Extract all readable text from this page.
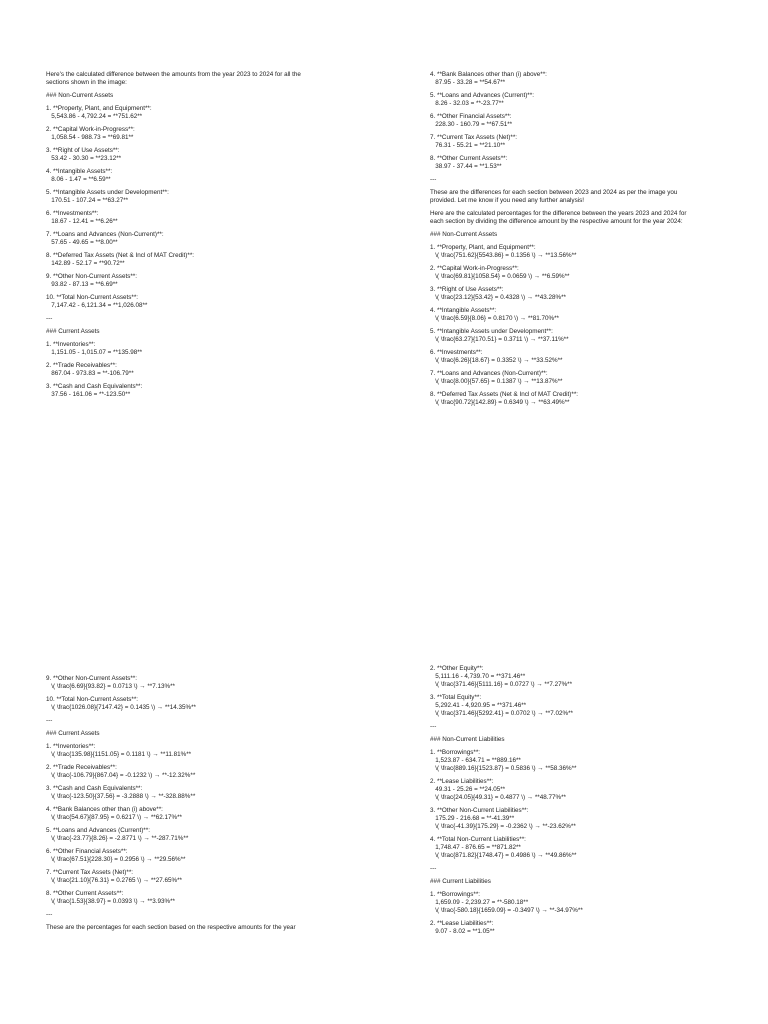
Here's the calculated difference between the amounts from the year 2023 to 2024 for all the
sections shown in the image:
### Non-Current Assets
1. **Property, Plant, and Equipment**:
5,543.86 - 4,792.24 = **751.62**
2. **Capital Work-in-Progress**:
1,058.54 - 988.73 = **69.81**
3. **Right of Use Assets**:
53.42 - 30.30 = **23.12**
4. **Intangible Assets**:
8.06 - 1.47 = **6.59**
5. **Intangible Assets under Development**:
170.51 - 107.24 = **63.27**
6. **Investments**:
18.67 - 12.41 = **6.26**
7. **Loans and Advances (Non-Current)**:
57.65 - 49.65 = **8.00**
8. **Deferred Tax Assets (Net & Incl of MAT Credit)**:
142.89 - 52.17 = **90.72**
9. **Other Non-Current Assets**:
93.82 - 87.13 = **6.69**
10. **Total Non-Current Assets**:
7,147.42 - 6,121.34 = **1,026.08**
---
### Current Assets
1. **Inventories**:
1,151.05 - 1,015.07 = **135.98**
2. **Trade Receivables**:
867.04 - 973.83 = **-106.79**
3. **Cash and Cash Equivalents**:
37.56 - 161.06 = **-123.50**
4. **Bank Balances other than (i) above**:
87.95 - 33.28 = **54.67**
5. **Loans and Advances (Current)**:
8.26 - 32.03 = **-23.77**
6. **Other Financial Assets**:
228.30 - 160.79 = **67.51**
7. **Current Tax Assets (Net)**:
76.31 - 55.21 = **21.10**
8. **Other Current Assets**:
38.97 - 37.44 = **1.53**
---
These are the differences for each section between 2023 and 2024 as per the image you
provided. Let me know if you need any further analysis!
Here are the calculated percentages for the difference between the years 2023 and 2024 for
each section by dividing the difference amount by the respective amount for the year 2024:
### Non-Current Assets
1. **Property, Plant, and Equipment**:
\( \frac{751.62}{5543.86} = 0.1356 \) → **13.56%**
2. **Capital Work-in-Progress**:
\( \frac{69.81}{1058.54} = 0.0659 \) → **6.59%**
3. **Right of Use Assets**:
\( \frac{23.12}{53.42} = 0.4328 \) → **43.28%**
4. **Intangible Assets**:
\( \frac{6.59}{8.06} = 0.8170 \) → **81.70%**
5. **Intangible Assets under Development**:
\( \frac{63.27}{170.51} = 0.3711 \) → **37.11%**
6. **Investments**:
\( \frac{6.26}{18.67} = 0.3352 \) → **33.52%**
7. **Loans and Advances (Non-Current)**:
\( \frac{8.00}{57.65} = 0.1387 \) → **13.87%**
8. **Deferred Tax Assets (Net & Incl of MAT Credit)**:
\( \frac{90.72}{142.89} = 0.6349 \) → **63.49%**
9. **Other Non-Current Assets**:
\( \frac{6.69}{93.82} = 0.0713 \) → **7.13%**
10. **Total Non-Current Assets**:
\( \frac{1026.08}{7147.42} = 0.1435 \) → **14.35%**
---
### Current Assets
1. **Inventories**:
\( \frac{135.98}{1151.05} = 0.1181 \) → **11.81%**
2. **Trade Receivables**:
\( \frac{-106.79}{867.04} = -0.1232 \) → **-12.32%**
3. **Cash and Cash Equivalents**:
\( \frac{-123.50}{37.56} = -3.2888 \) → **-328.88%**
4. **Bank Balances other than (i) above**:
\( \frac{54.67}{87.95} = 0.6217 \) → **62.17%**
5. **Loans and Advances (Current)**:
\( \frac{-23.77}{8.26} = -2.8771 \) → **-287.71%**
6. **Other Financial Assets**:
\( \frac{67.51}{228.30} = 0.2956 \) → **29.56%**
7. **Current Tax Assets (Net)**:
\( \frac{21.10}{76.31} = 0.2765 \) → **27.65%**
8. **Other Current Assets**:
\( \frac{1.53}{38.97} = 0.0393 \) → **3.93%**
---
These are the percentages for each section based on the respective amounts for the year
2. **Other Equity**:
5,111.16 - 4,739.70 = **371.46**
\( \frac{371.46}{5111.16} = 0.0727 \) → **7.27%**
3. **Total Equity**:
5,292.41 - 4,920.95 = **371.46**
\( \frac{371.46}{5292.41} = 0.0702 \) → **7.02%**
---
### Non-Current Liabilities
1. **Borrowings**:
1,523.87 - 634.71 = **889.16**
\( \frac{889.16}{1523.87} = 0.5836 \) → **58.36%**
2. **Lease Liabilities**:
49.31 - 25.26 = **24.05**
\( \frac{24.05}{49.31} = 0.4877 \) → **48.77%**
3. **Other Non-Current Liabilities**:
175.29 - 216.68 = **-41.39**
\( \frac{-41.39}{175.29} = -0.2362 \) → **-23.62%**
4. **Total Non-Current Liabilities**:
1,748.47 - 876.65 = **871.82**
\( \frac{871.82}{1748.47} = 0.4986 \) → **49.86%**
---
### Current Liabilities
1. **Borrowings**:
1,659.09 - 2,239.27 = **-580.18**
\( \frac{-580.18}{1659.09} = -0.3497 \) → **-34.97%**
2. **Lease Liabilities**:
9.07 - 8.02 = **1.05**
